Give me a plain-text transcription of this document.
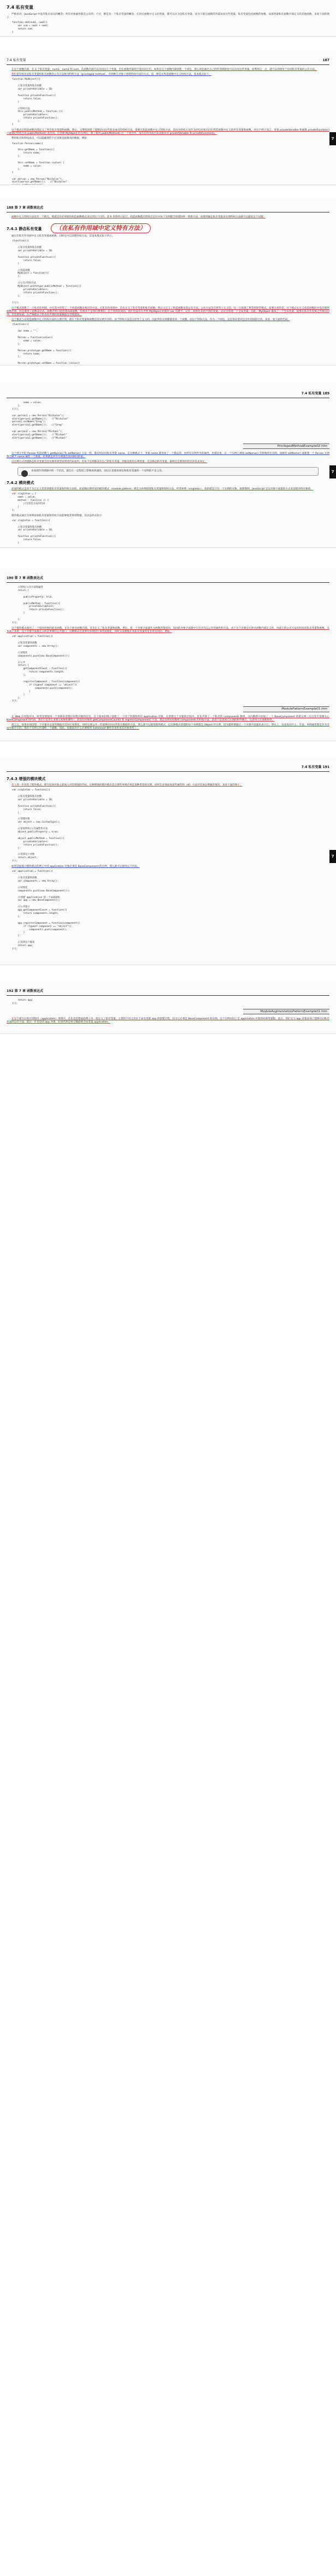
7.4 私有变量

严格来讲，JavaScript 中没有私有成员的概念；所有对象属性都是公有的。不过，倒是有一个私有变量的概念。任何在函数中定义的变量，都可以认为是私有变量，因为不能在函数的外部访问这些变量。私有变量包括函数的参数、局部变量和在函数内部定义的其他函数。来看下面的例子：

function add(num1, num2){
var sum = num1 + num2;
return sum;
}
7.4 私有变量	187

在这个函数内部，有 3 个私有变量：num1、num2 和 sum。在函数内部可以访问这几个变量，但在函数外部则不能访问它们。如果在这个函数内部创建一个闭包，那么闭包通过自己的作用域链也可以访问这些变量。而利用这一点，就可以创建用于访问私有变量的公有方法。

我们把有权访问私有变量和私有函数的公有方法称为特权方法（privileged method）。有两种在对象上创建特权方法的方式。第一种是在构造函数中定义特权方法，基本模式如下。

function MyObject(){

//私有变量和私有函数
var privateVariable = 10;

function privateFunction(){
return false;
}

//特权方法
this.publicMethod = function (){
privateVariable++;
return privateFunction();
};
}

这个模式在构造函数内部定义了所有私有变量和函数。然后，又继续创建了能够访问这些私有成员的特权方法。能够在构造函数中定义特权方法，是因为特权方法作为闭包有权访问在构造函数中定义的所有变量和函数。对这个例子而言，变量 privateVariable 和函数 privateFunction() 只能通过特权方法 publicMethod() 来访问。在创建 MyObject 的实例后，除了使用 publicMethod() 这一个途径外，没有任何办法可以直接访问 privateVariable 和 privateFunction()。

利用私有和特权成员，可以隐藏那些不应该被直接修改的数据，例如：

function Person(name){

this.getName = function(){
return name;
};

this.setName = function (value) {
name = value;
};
}

var person = new Person("Nicholas");
alert(person.getName());   //"Nicholas"

7
188 第 7 章 函数表达式

函数中定义特权方法也有一个缺点，那就是你必须使用构造函数模式来达到这个目的。第 6 章曾经讨论过，构造函数模式的缺点是针对每个实例都会创建同样一组新方法，而使用静态私有变量来实现特权方法就可以避免这个问题。

7.4.1 静态私有变量 （在私有作用域中定义特有方法）

通过在私有作用域中定义私有变量或函数，同样也可以创建特权方法，其基本模式如下所示。

(function(){

//私有变量和私有函数
var privateVariable = 10;

function privateFunction(){
return false;
}

//构造函数
MyObject = function(){
};

//公有/特权方法
MyObject.prototype.publicMethod = function(){
privateVariable++;
return privateFunction();
};

})();

这个模式创建了一个私有作用域，并在其中封装了一个构造函数及相应的方法。在私有作用域中，首先定义了私有变量和私有函数，然后又定义了构造函数及其公有方法。公有方法是在原型上定义的，这一点体现了典型的原型模式。需要注意的是，这个模式在定义构造函数时并没有使用函数声明，而是使用了函数表达式。函数声明只能创建局部函数，但那并不是我们想要的。出于同样的原因，我们也没有在声明 MyObject 时使用 var 关键字。记住：初始化未经声明的变量，总是会创建一个全局变量。因此，MyObject 就成了一个全局变量，能够在私有作用域之外被访问到。但也要知道，在严格模式下给未经声明的变量赋值会导致错误。

这个模式与在构造函数中定义特权方法的主要区别，就在于私有变量和函数是由实例共享的。由于特权方法是在原型上定义的，因此所有实例都使用同一个函数。而这个特权方法，作为一个闭包，总是保存着对包含作用域的引用。来看一看下面的代码。

(function(){

var name = "";

Person = function(value){
name = value;
};

Person.prototype.getName = function(){
return name;
};

Person.prototype.setName = function (value){
7.4 私有变量 189
name = value;
};
})();

var person1 = new Person("Nicholas");
alert(person1.getName());   //"Nicholas"
person1.setName("Greg");
alert(person1.getName());   //"Greg"

var person2 = new Person("Michael");
alert(person1.getName());   //"Michael"
alert(person2.getName());   //"Michael"
PrivilegedMethodExample02.htm

这个例子中的 Person 构造函数与 getName() 和 setName() 方法一样，都有权访问私有变量 name。在这种模式下，变量 name 就变成了一个静态的、由所有实例共享的属性。也就是说，在一个实例上调用 setName() 会影响所有实例。而调用 setName() 或新建一个 Person 实例都会赋予 name 属性一个新值。结果就是所有实例都会返回相同的值。

以这种方式创建静态私有变量会因为使用原型而增进代码复用，但每个实例都没有自己的私有变量。到底是使用实例变量，还是静态私有变量，最终还是要视你的具体需求而定。

多查找作用域链中的一个层次，就会在一定程度上影响查找速度。而这正是使用闭包和私有变量的一个显明的不足之处。
7.4.2 模块模式

前面的模式是用于为自定义类型创建私有变量和特权方法的。而道格拉斯所说的模块模式（module pattern）则是为单例创建私有变量和特权方法。所谓单例（singleton），指的就是只有一个实例的对象。按照惯例，JavaScript 是以对象字面量的方式来创建单例对象的。

var singleton = {
name : value,
method : function () {
//这里是方法的代码
}
};

模块模式通过为单例添加私有变量和特权方法能够使其得到增强，其语法形式如下：

var singleton = function(){

//私有变量和私有函数
var privateVariable = 10;

function privateFunction(){
return false;
}
7
190 第 7 章 函数表达式
//特权/公有方法和属性
return {

publicProperty: true,

publicMethod : function(){
privateVariable++;
return privateFunction();
}

};
}();

这个模块模式使用了一个返回对象的匿名函数。在这个匿名函数内部，首先定义了私有变量和函数。然后，将一个对象字面量作为函数的值返回。返回的对象字面量中只包含可以公开的属性和方法。由于这个对象是在匿名函数内部定义的，因此它的公有方法有权访问私有变量和函数。从本质上来讲，这个对象字面量定义的是单例的公共接口。这种模式在需要对单例进行某些初始化，同时又需要维护其私有变量时是非常有用的，例如：

var application = function(){

//私有变量和函数
var components = new Array();

//初始化
components.push(new BaseComponent());

//公共
return {
getComponentCount : function(){
return components.length;
},

registerComponent : function(component){
if (typeof component == "object"){
components.push(component);
}
}
};
}();
ModulePatternExample01.htm

在 Web 应用程序中，经常需要使用一个单例来管理应用程序级的信息。这个简单的例子创建了一个用于管理组件的 application 对象。在创建这个对象的过程中，首先声明了一个私有的 components 数组，并向数组中添加了一个 BaseComponent 的新实例（在这里不需要关心 BaseComponent 的代码，我们只是用它来展示初始化操作）。而返回对象的 getComponentCount() 和 registerComponent() 方法，都是有权访问数组 components 的特权方法。前者只是返回已注册的组件数目，后者用于注册新组件。

简言之，如果必须创建一个对象并以某些数据对其进行初始化，同时还要公开一些能够访问这些私有数据的方法，那么就可以使用模块模式。以这种模式创建的每个单例都是 Object 的实例，因为最终要通过一个对象字面量来表示它。事实上，这也没有什么；毕竟，单例通常都是作为全局对象存在的，我们不会将它传递给一个函数。因此，也就没有什么必要使用 instanceof 操作符来检查其对象类型了。

7.4 私有变量 191
7.4.3 增强的模块模式

有人进一步改进了模块模式，即在返回对象之前加入对其增强的代码。这种增强的模块模式适合那些单例必须是某种类型的实例，同时还必须添加某些属性和（或）方法对其加以增强的情况。来看下面的例子。

var singleton = function(){

//私有变量和私有函数
var privateVariable = 10;

function privateFunction(){
return false;
}

//创建对象
var object = new CustomType();

//添加特权/公有属性和方法
object.publicProperty = true;

object.publicMethod = function(){
privateVariable++;
return privateFunction();
};

//返回这个对象
return object;
}();

如果前面演示模块模式的例子中的 application 对象必须是 BaseComponent 的实例，那么就可以使用以下代码。

var application = function(){

//私有变量和函数
var components = new Array();

//初始化
components.push(new BaseComponent());

//创建 application 的一个局部副本
var app = new BaseComponent();

//公共接口
app.getComponentCount = function(){
return components.length;
};

app.registerComponent = function(component){
if (typeof component == "object"){
components.push(component);
}
};

//返回这个副本
return app;
}();
7
192 第 7 章 函数表达式
return app;
}();
ModuleAugmentationPatternExample01.htm

在这个重写后的应用程序（application）单例中，首先也是像前面例子中一样定义了私有变量。主要的不同之处在于命名变量 app 的创建过程，因为它必须是 BaseComponent 的实例。这个实例实际上是 application 对象的局部变量版。此后，我们又为 app 对象添加了能够访问私有变量的公有方法。最后一步是返回 app 对象，结果仍然是将它赋值给全局变量 application。
